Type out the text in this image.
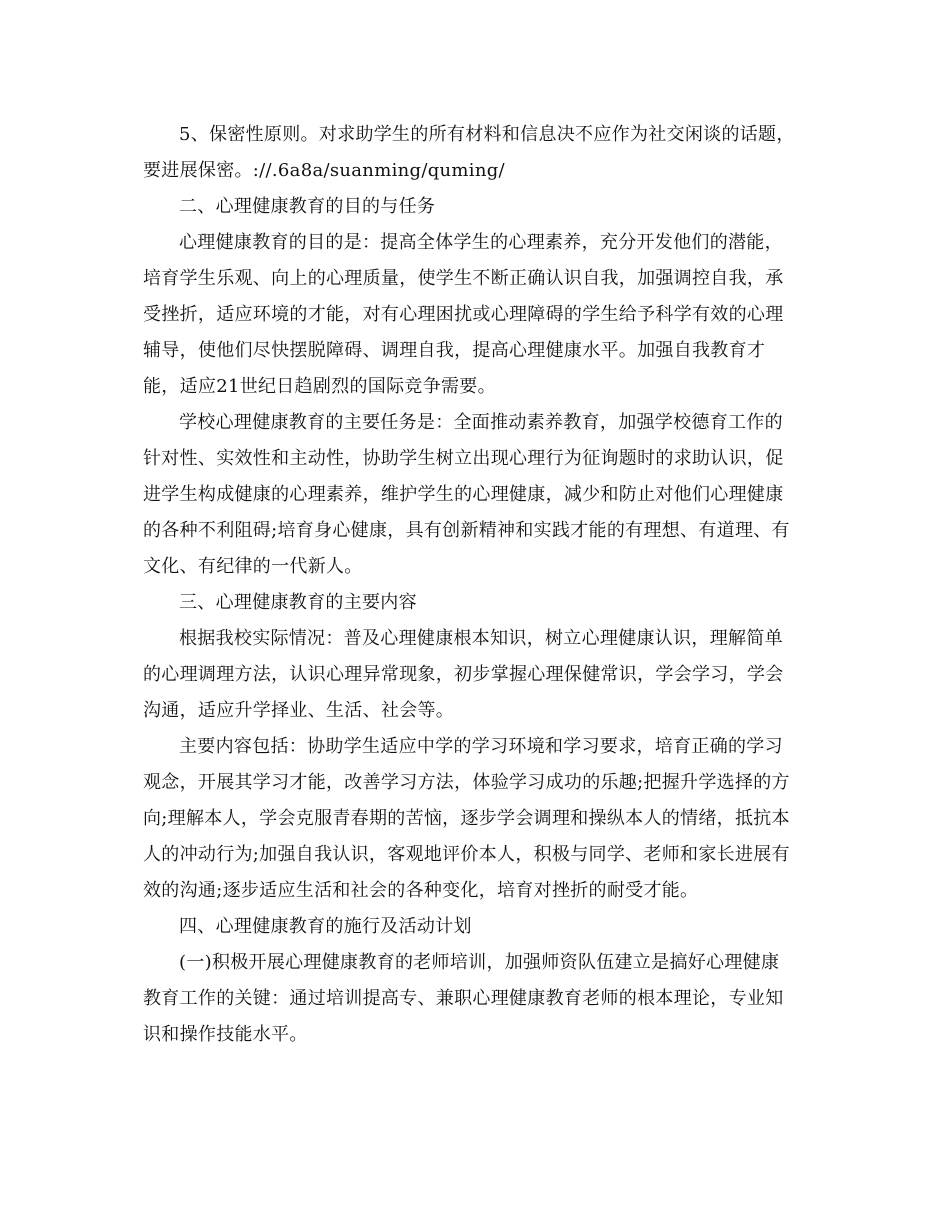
5、保密性原则。对求助学生的所有材料和信息决不应作为社交闲谈的话题，
要进展保密。://.6a8a/suanming/quming/
二、心理健康教育的目的与任务
心理健康教育的目的是：提高全体学生的心理素养，充分开发他们的潜能，
培育学生乐观、向上的心理质量，使学生不断正确认识自我，加强调控自我，承
受挫折，适应环境的才能，对有心理困扰或心理障碍的学生给予科学有效的心理
辅导，使他们尽快摆脱障碍、调理自我，提高心理健康水平。加强自我教育才
能，适应21世纪日趋剧烈的国际竞争需要。
学校心理健康教育的主要任务是：全面推动素养教育，加强学校德育工作的
针对性、实效性和主动性，协助学生树立出现心理行为征询题时的求助认识，促
进学生构成健康的心理素养，维护学生的心理健康，减少和防止对他们心理健康
的各种不利阻碍;培育身心健康，具有创新精神和实践才能的有理想、有道理、有
文化、有纪律的一代新人。
三、心理健康教育的主要内容
根据我校实际情况：普及心理健康根本知识，树立心理健康认识，理解简单
的心理调理方法，认识心理异常现象，初步掌握心理保健常识，学会学习，学会
沟通，适应升学择业、生活、社会等。
主要内容包括：协助学生适应中学的学习环境和学习要求，培育正确的学习
观念，开展其学习才能，改善学习方法，体验学习成功的乐趣;把握升学选择的方
向;理解本人，学会克服青春期的苦恼，逐步学会调理和操纵本人的情绪，抵抗本
人的冲动行为;加强自我认识，客观地评价本人，积极与同学、老师和家长进展有
效的沟通;逐步适应生活和社会的各种变化，培育对挫折的耐受才能。
四、心理健康教育的施行及活动计划
(一)积极开展心理健康教育的老师培训，加强师资队伍建立是搞好心理健康
教育工作的关键：通过培训提高专、兼职心理健康教育老师的根本理论，专业知
识和操作技能水平。
